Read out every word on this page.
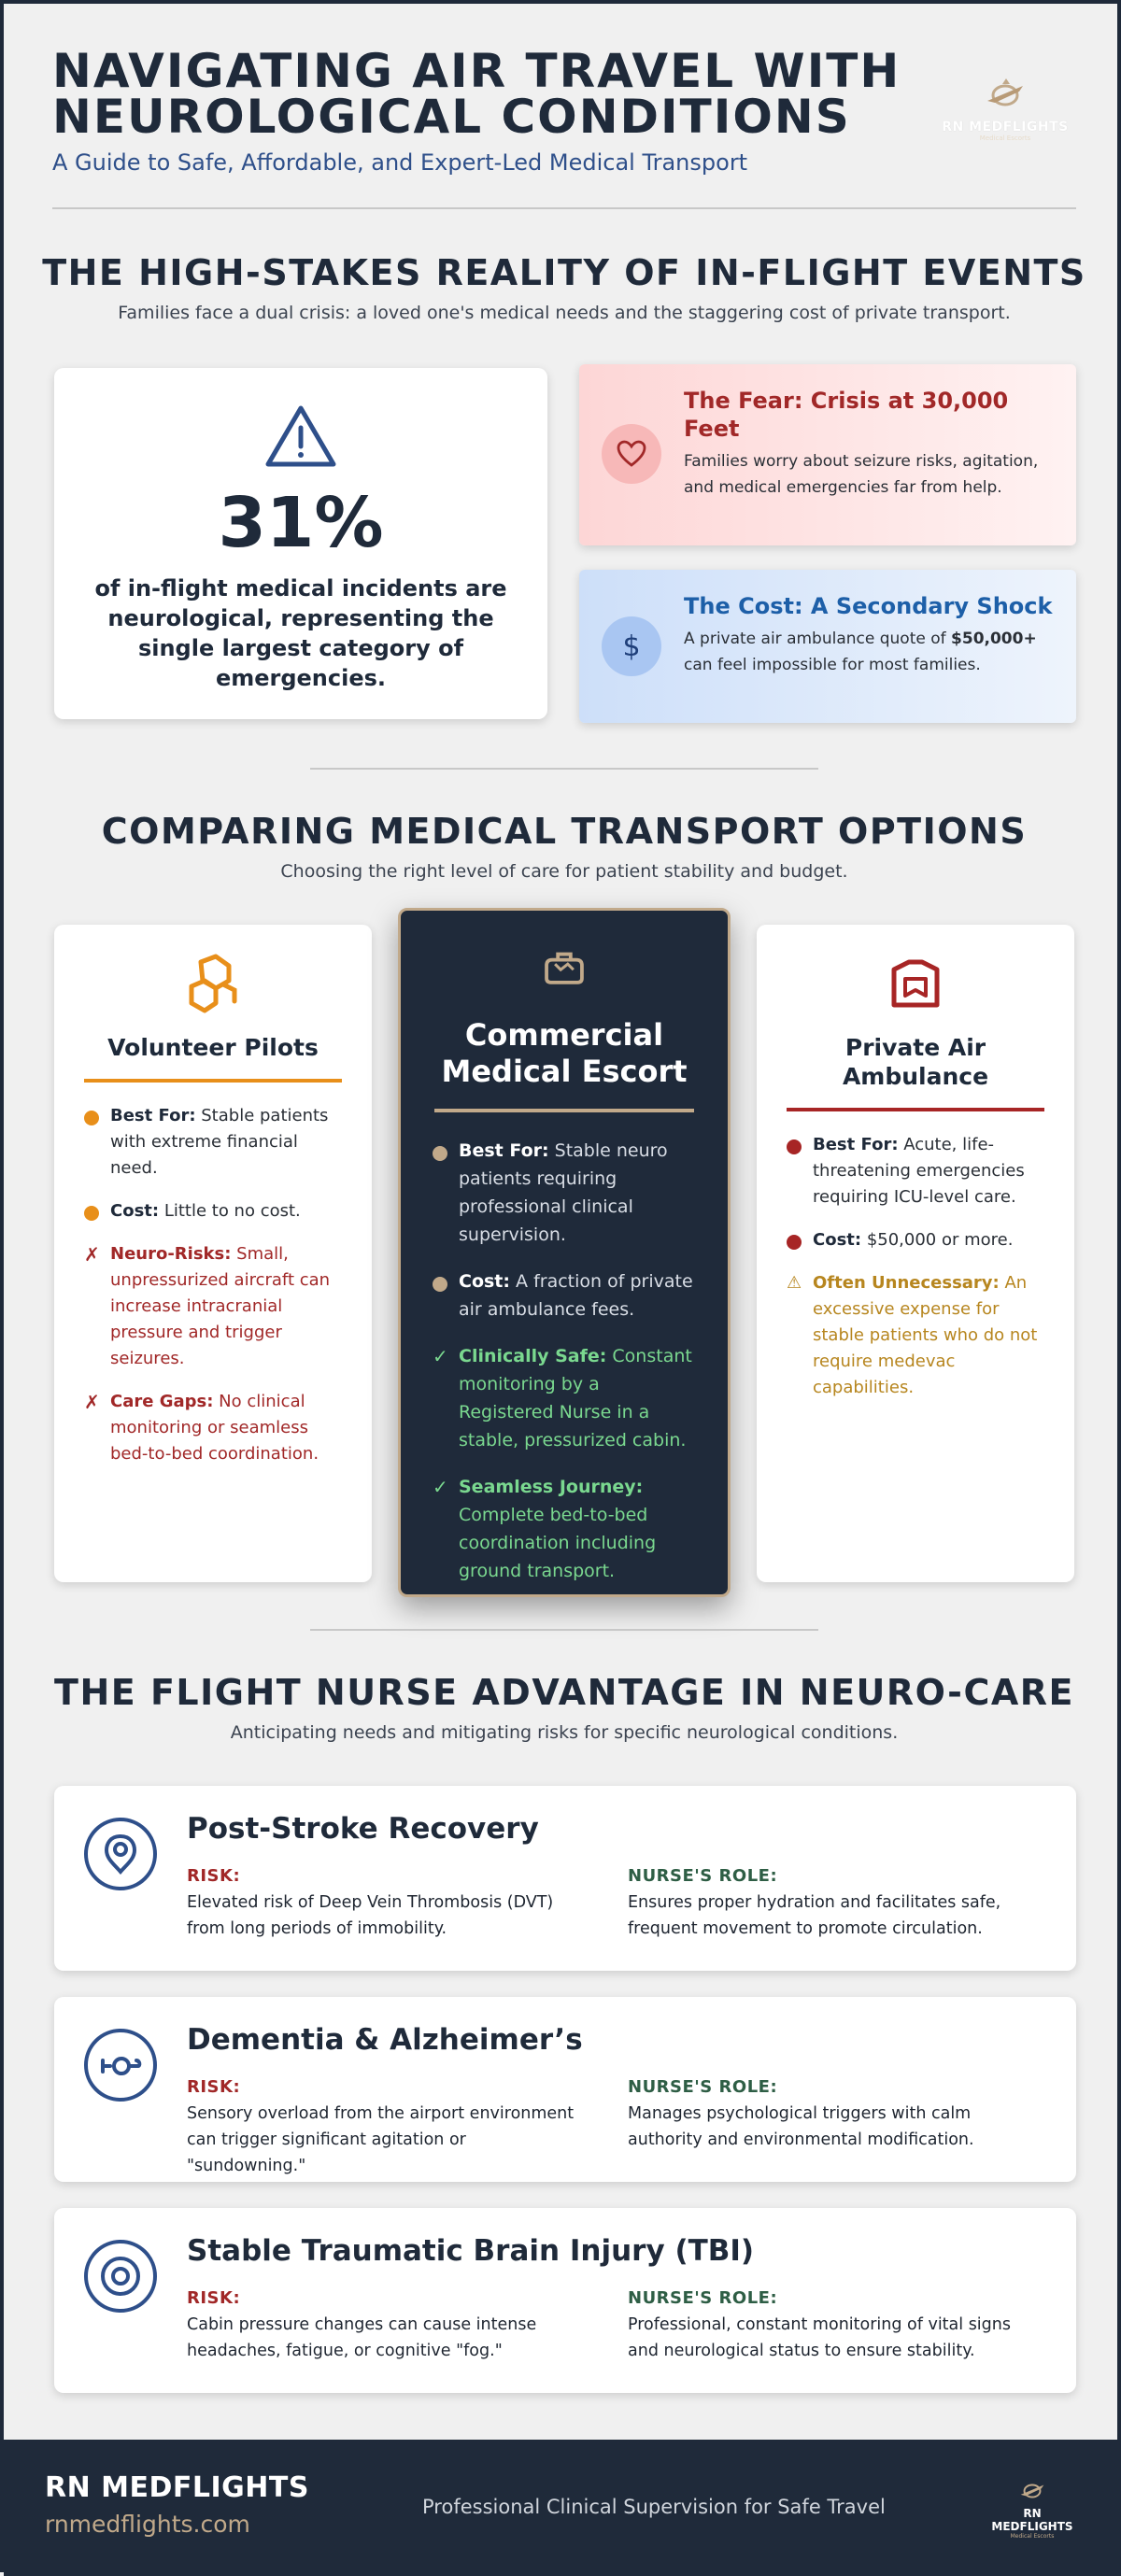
NAVIGATING AIR TRAVEL WITH NEUROLOGICAL CONDITIONS
A Guide to Safe, Affordable, and Expert-Led Medical Transport
RN MEDFLIGHTS
Medical Escorts
THE HIGH-STAKES REALITY OF IN-FLIGHT EVENTS
Families face a dual crisis: a loved one's medical needs and the staggering cost of private transport.
31%
of in-flight medical incidents are neurological, representing the single largest category of emergencies.
The Fear: Crisis at 30,000 Feet
Families worry about seizure risks, agitation, and medical emergencies far from help.
$
The Cost: A Secondary Shock
A private air ambulance quote of $50,000+ can feel impossible for most families.
COMPARING MEDICAL TRANSPORT OPTIONS
Choosing the right level of care for patient stability and budget.
Volunteer Pilots
Best For: Stable patients with extreme financial need.
Cost: Little to no cost.
✗ Neuro-Risks: Small, unpressurized aircraft can increase intracranial pressure and trigger seizures.
✗ Care Gaps: No clinical monitoring or seamless bed-to-bed coordination.
Commercial Medical Escort
Best For: Stable neuro patients requiring professional clinical supervision.
Cost: A fraction of private air ambulance fees.
✓ Clinically Safe: Constant monitoring by a Registered Nurse in a stable, pressurized cabin.
✓ Seamless Journey: Complete bed-to-bed coordination including ground transport.
Private Air Ambulance
Best For: Acute, life-threatening emergencies requiring ICU-level care.
Cost: $50,000 or more.
⚠ Often Unnecessary: An excessive expense for stable patients who do not require medevac capabilities.
THE FLIGHT NURSE ADVANTAGE IN NEURO-CARE
Anticipating needs and mitigating risks for specific neurological conditions.
Post-Stroke Recovery
RISK:
Elevated risk of Deep Vein Thrombosis (DVT) from long periods of immobility.
NURSE'S ROLE:
Ensures proper hydration and facilitates safe, frequent movement to promote circulation.
Dementia & Alzheimer’s
RISK:
Sensory overload from the airport environment can trigger significant agitation or "sundowning."
NURSE'S ROLE:
Manages psychological triggers with calm authority and environmental modification.
Stable Traumatic Brain Injury (TBI)
RISK:
Cabin pressure changes can cause intense headaches, fatigue, or cognitive "fog."
NURSE'S ROLE:
Professional, constant monitoring of vital signs and neurological status to ensure stability.
RN MEDFLIGHTS
rnmedflights.com
Professional Clinical Supervision for Safe Travel	RN MEDFLIGHTS
Medical Escorts
